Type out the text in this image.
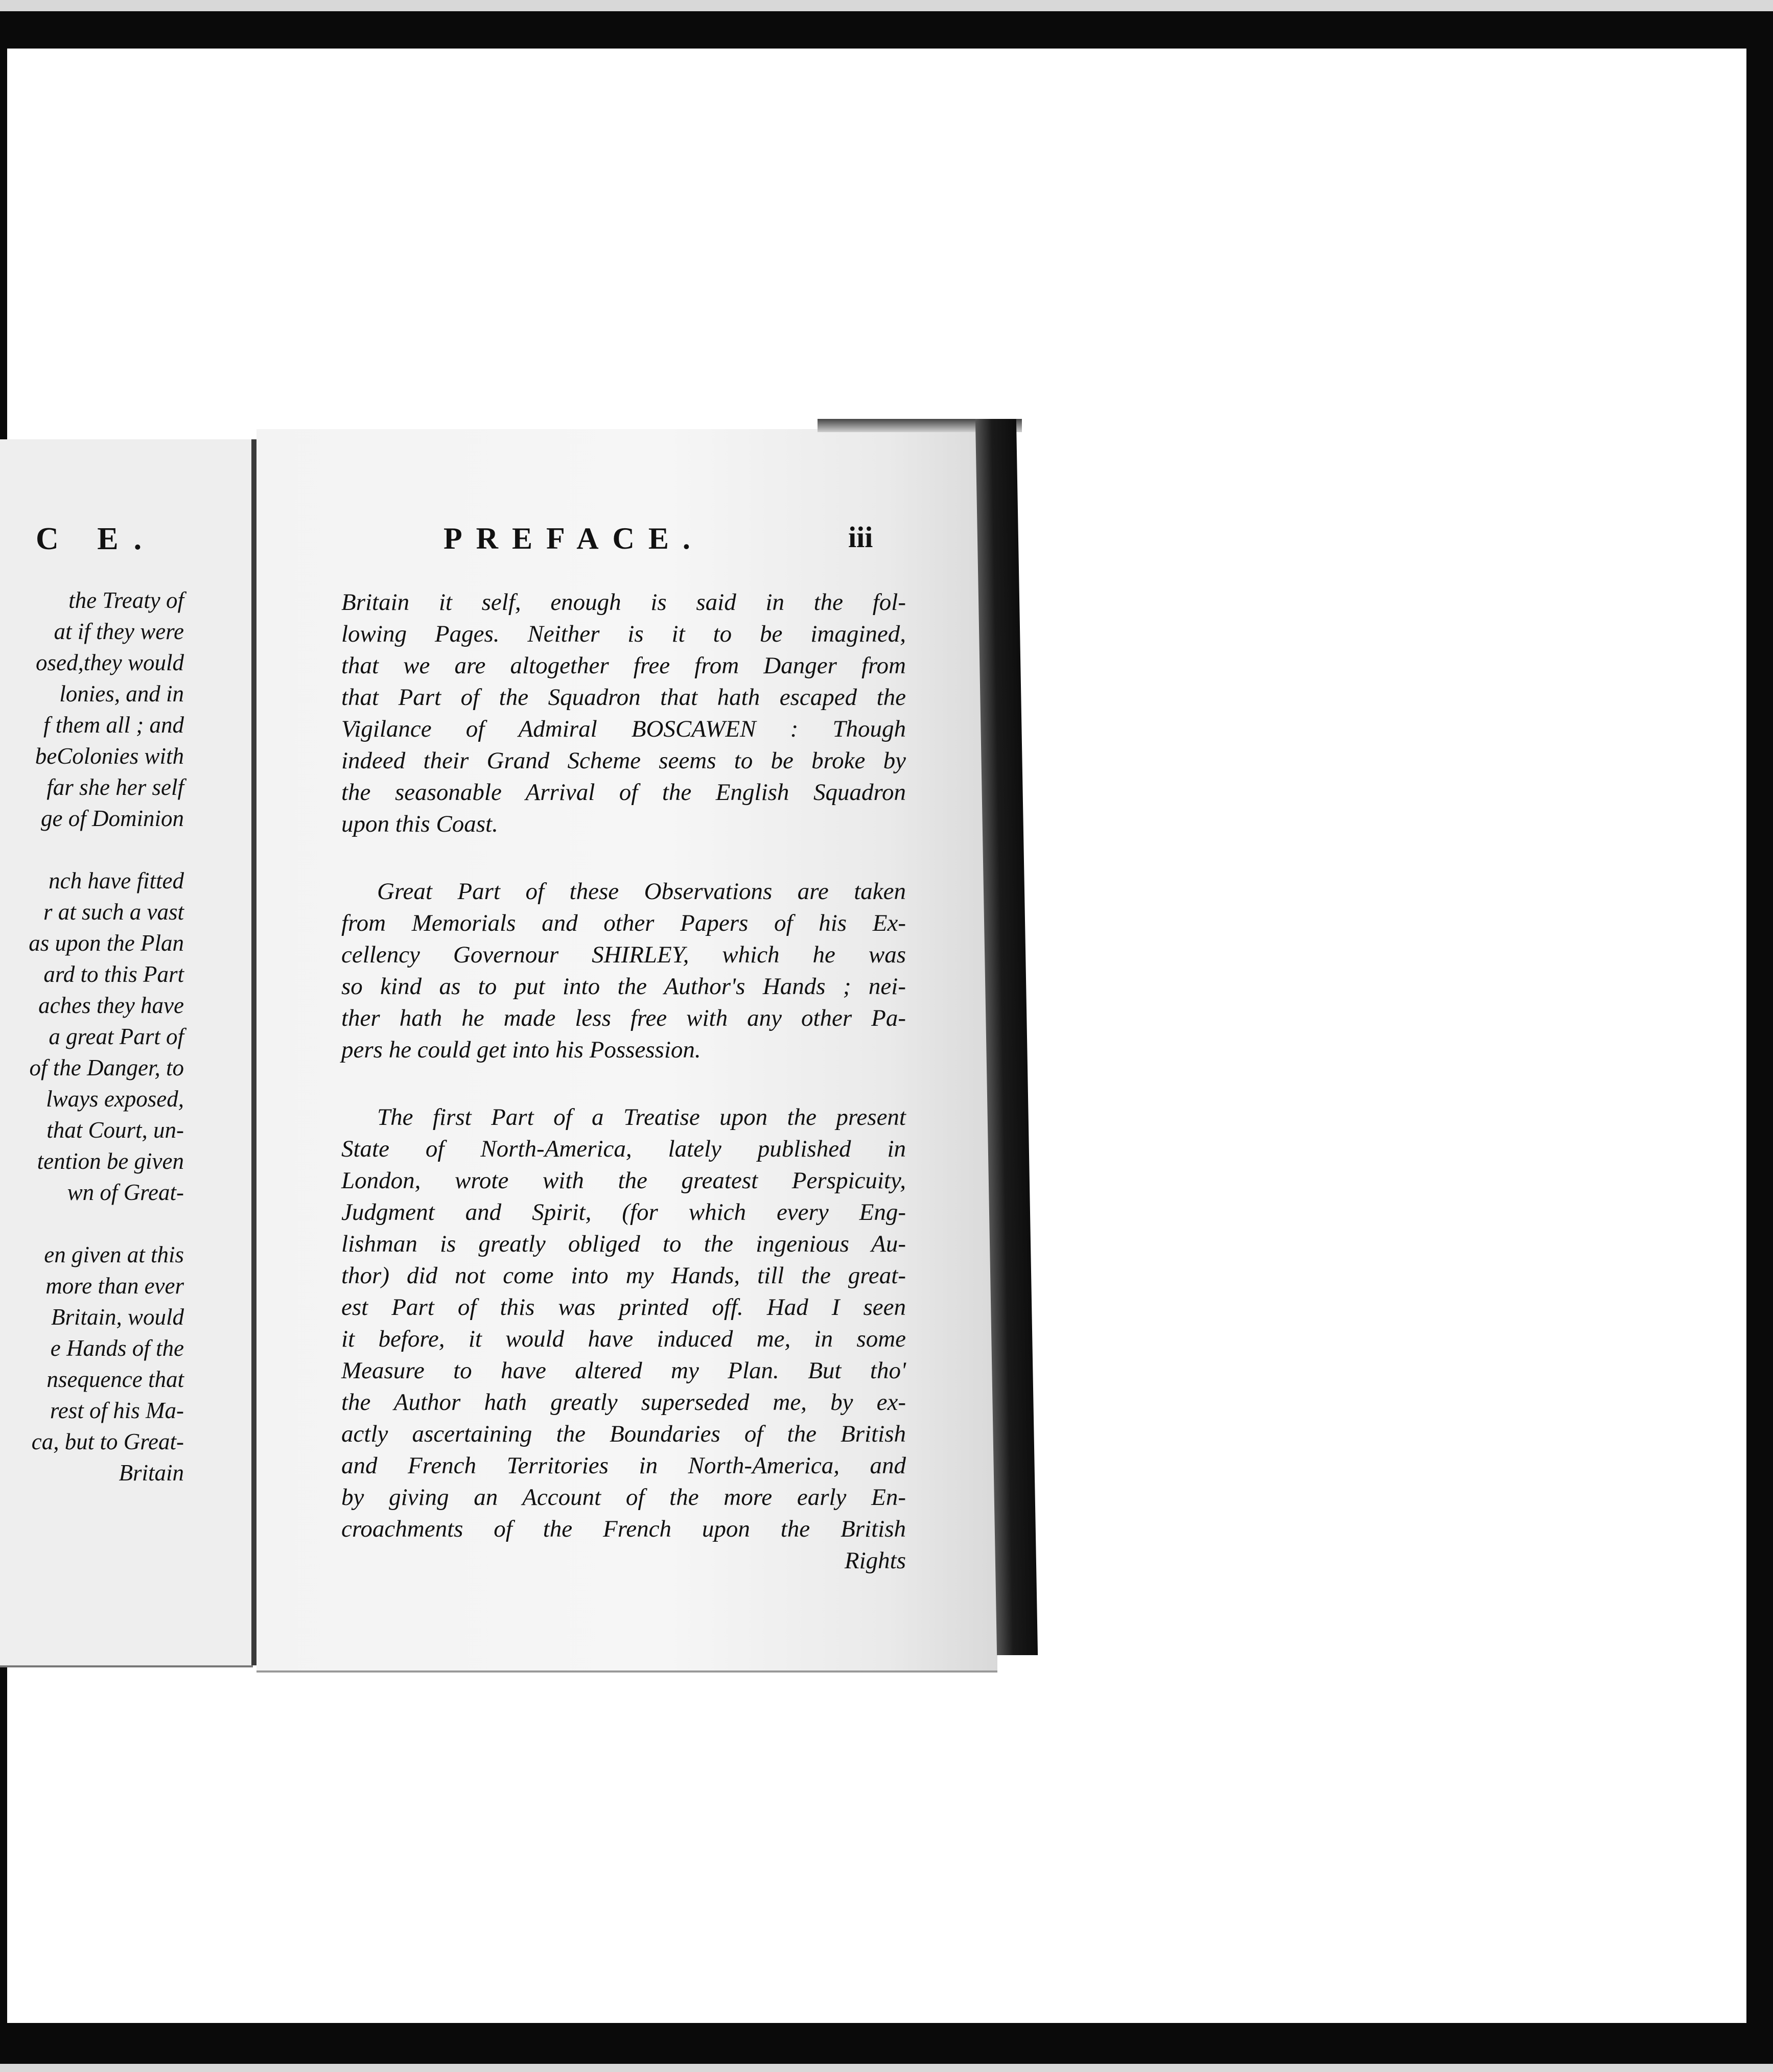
C E.
the Treaty of
at if they were
osed,they would
lonies, and in
f them all ; and
beColonies with
far she her self
ge of Dominion
nch have fitted
r at such a vast
as upon the Plan
ard to this Part
aches they have
a great Part of
of the Danger, to
lways exposed,
that Court, un-
tention be given
wn of Great-
en given at this
more than ever
Britain, would
e Hands of the
nsequence that
rest of his Ma-
ca, but to Great-
Britain
PREFACE.	iii
Britain it self, enough is said in the fol-
lowing Pages. Neither is it to be imagined,
that we are altogether free from Danger from
that Part of the Squadron that hath escaped the
Vigilance of Admiral BOSCAWEN : Though
indeed their Grand Scheme seems to be broke by
the seasonable Arrival of the English Squadron
upon this Coast.
Great Part of these Observations are taken
from Memorials and other Papers of his Ex-
cellency Governour SHIRLEY, which he was
so kind as to put into the Author's Hands ; nei-
ther hath he made less free with any other Pa-
pers he could get into his Possession.
The first Part of a Treatise upon the present
State of North-America, lately published in
London, wrote with the greatest Perspicuity,
Judgment and Spirit, (for which every Eng-
lishman is greatly obliged to the ingenious Au-
thor) did not come into my Hands, till the great-
est Part of this was printed off. Had I seen
it before, it would have induced me, in some
Measure to have altered my Plan. But tho'
the Author hath greatly superseded me, by ex-
actly ascertaining the Boundaries of the British
and French Territories in North-America, and
by giving an Account of the more early En-
croachments of the French upon the British
Rights
